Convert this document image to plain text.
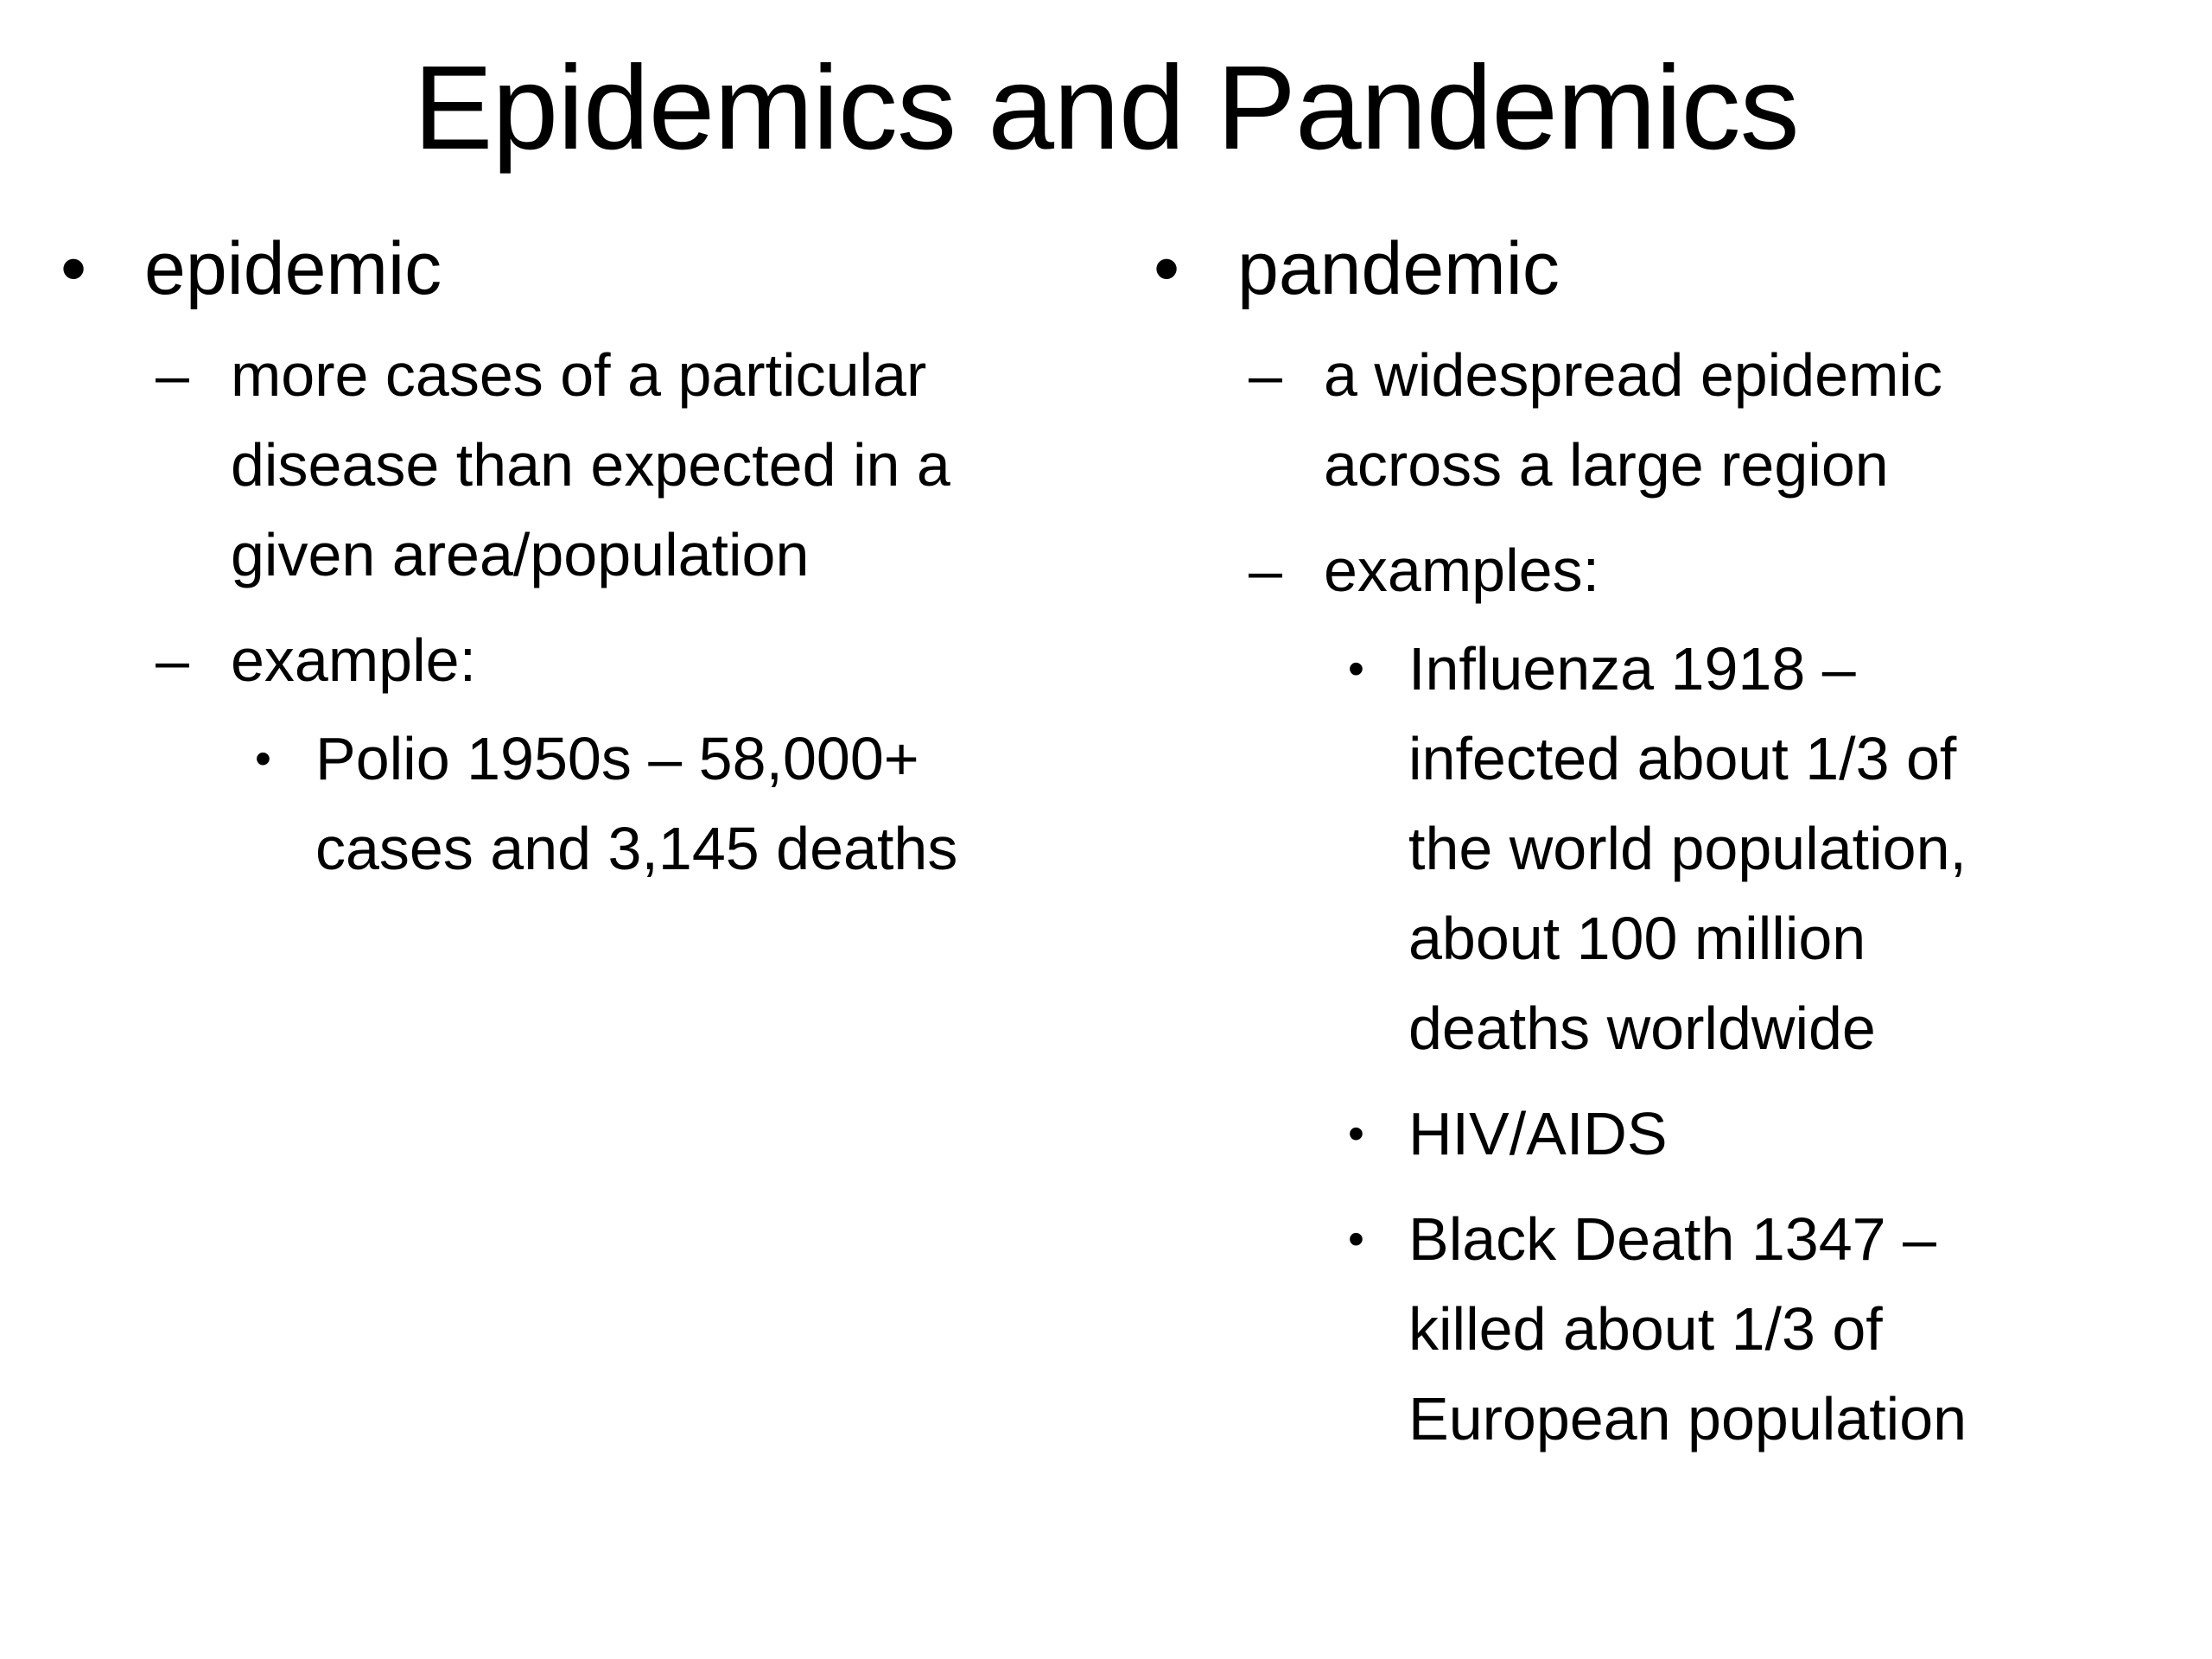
Epidemics and Pandemics
• epidemic
– more cases of a particular
disease than expected in a
given area/population
– example:
• Polio 1950s – 58,000+
cases and 3,145 deaths
• pandemic
– a widespread epidemic
across a large region
– examples:
• Influenza 1918 –
infected about 1/3 of
the world population,
about 100 million
deaths worldwide
• HIV/AIDS
• Black Death 1347 –
killed about 1/3 of
European population
